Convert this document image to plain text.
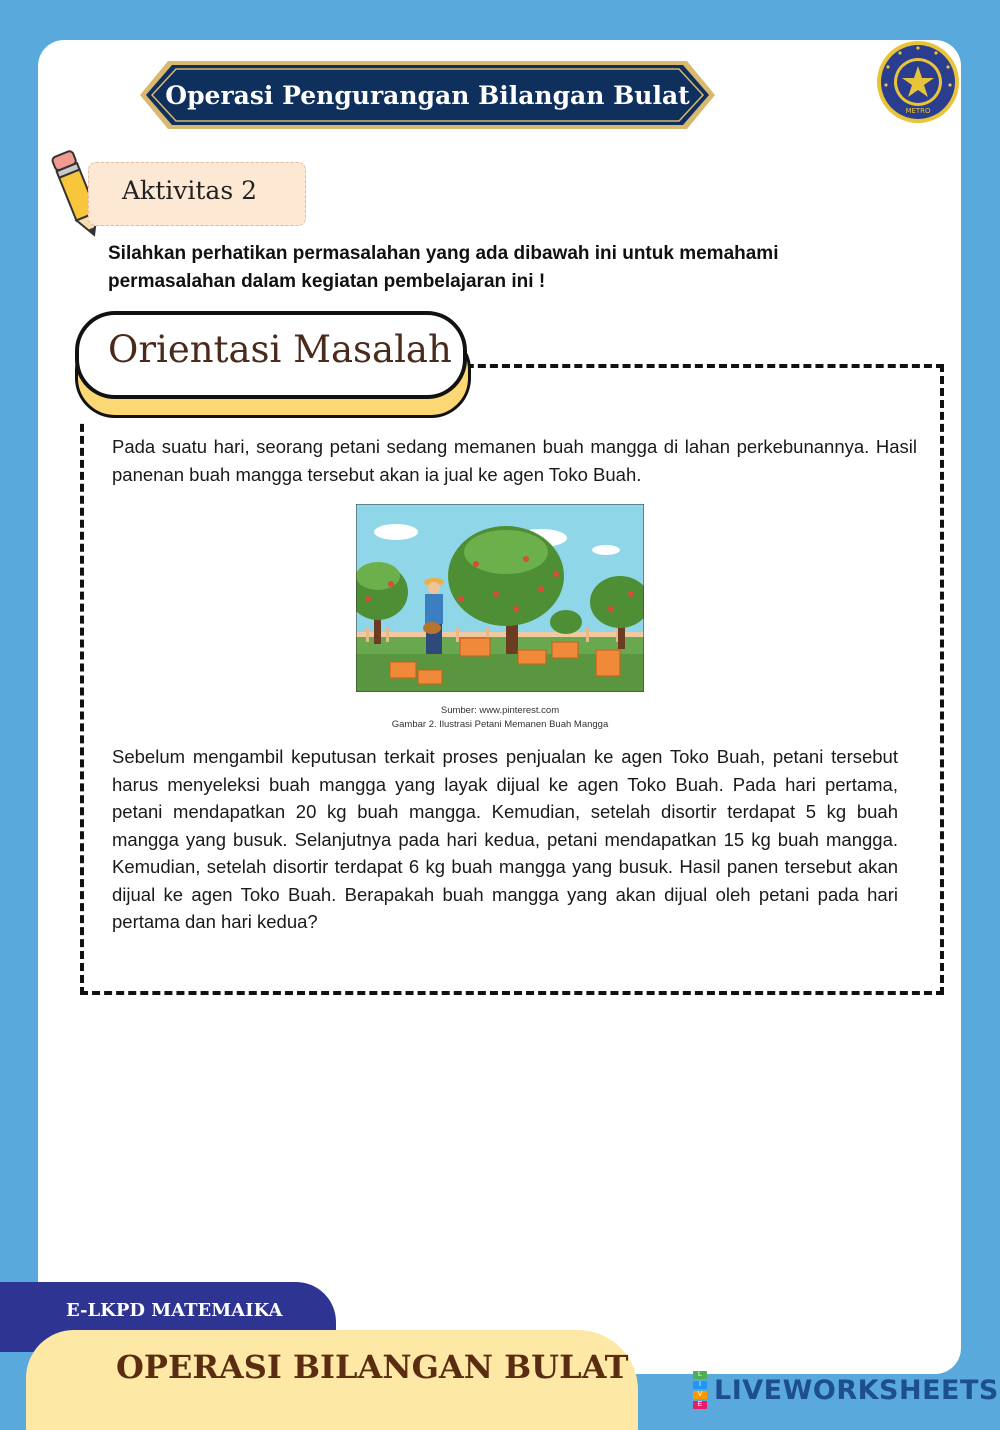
Operasi Pengurangan Bilangan Bulat
METRO
Aktivitas 2
Silahkan perhatikan permasalahan yang ada dibawah ini untuk memahami permasalahan dalam kegiatan pembelajaran ini !
Orientasi Masalah
Pada suatu hari, seorang petani sedang memanen buah mangga di lahan perkebunannya. Hasil panenan buah mangga tersebut akan ia jual ke agen Toko Buah.
Sumber: www.pinterest.com
Gambar 2. Ilustrasi Petani Memanen Buah Mangga
Sebelum mengambil keputusan terkait proses penjualan ke agen Toko Buah, petani tersebut harus menyeleksi buah mangga yang layak dijual ke agen Toko Buah. Pada hari pertama, petani mendapatkan 20 kg buah mangga. Kemudian, setelah disortir terdapat 5 kg buah mangga yang busuk. Selanjutnya pada hari kedua, petani mendapatkan 15 kg buah mangga. Kemudian, setelah disortir terdapat 6 kg buah mangga yang busuk. Hasil panen tersebut akan dijual ke agen Toko Buah. Berapakah buah mangga yang akan dijual oleh petani pada hari pertama dan hari kedua?
E-LKPD MATEMAIKA
OPERASI BILANGAN BULAT	L
I
V
E LIVEWORKSHEETS
